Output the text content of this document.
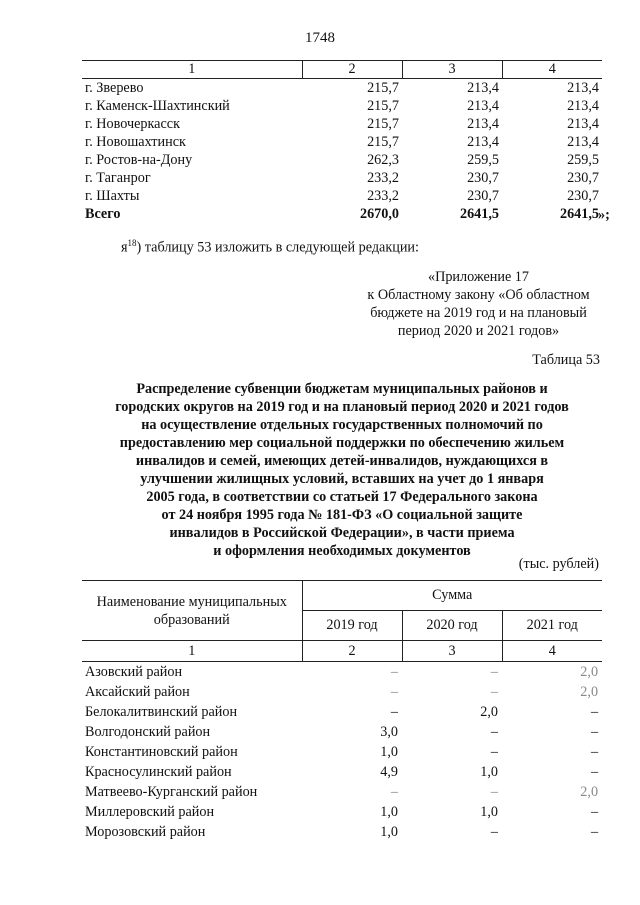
1748
1	2	3	4
г. Зверево	215,7	213,4	213,4
г. Каменск-Шахтинский	215,7	213,4	213,4
г. Новочеркасск	215,7	213,4	213,4
г. Новошахтинск	215,7	213,4	213,4
г. Ростов-на-Дону	262,3	259,5	259,5
г. Таганрог	233,2	230,7	230,7
г. Шахты	233,2	230,7	230,7
Всего	2670,0	2641,5	2641,5 »;
$я^{18}$) таблицу 53 изложить в следующей редакции:
«Приложение 17
к Областному закону «Об областном
бюджете на 2019 год и на плановый
период 2020 и 2021 годов»
Таблица 53
Распределение субвенции бюджетам муниципальных районов и
городских округов на 2019 год и на плановый период 2020 и 2021 годов
на осуществление отдельных государственных полномочий по
предоставлению мер социальной поддержки по обеспечению жильем
инвалидов и семей, имеющих детей-инвалидов, нуждающихся в
улучшении жилищных условий, вставших на учет до 1 января
2005 года, в соответствии со статьей 17 Федерального закона
от 24 ноября 1995 года № 181-ФЗ «О социальной защите
инвалидов в Российской Федерации», в части приема
и оформления необходимых документов
(тыс. рублей)
Наименование муниципальных образований	Сумма		
	2019 год	2020 год	2021 год
1	2	3	4
Азовский район	–	–	2,0
Аксайский район	–	–	2,0
Белокалитвинский район	–	2,0	–
Волгодонский район	3,0	–	–
Константиновский район	1,0	–	–
Красносулинский район	4,9	1,0	–
Матвеево-Курганский район	–	–	2,0
Миллеровский район	1,0	1,0	–
Морозовский район	1,0	–	–
